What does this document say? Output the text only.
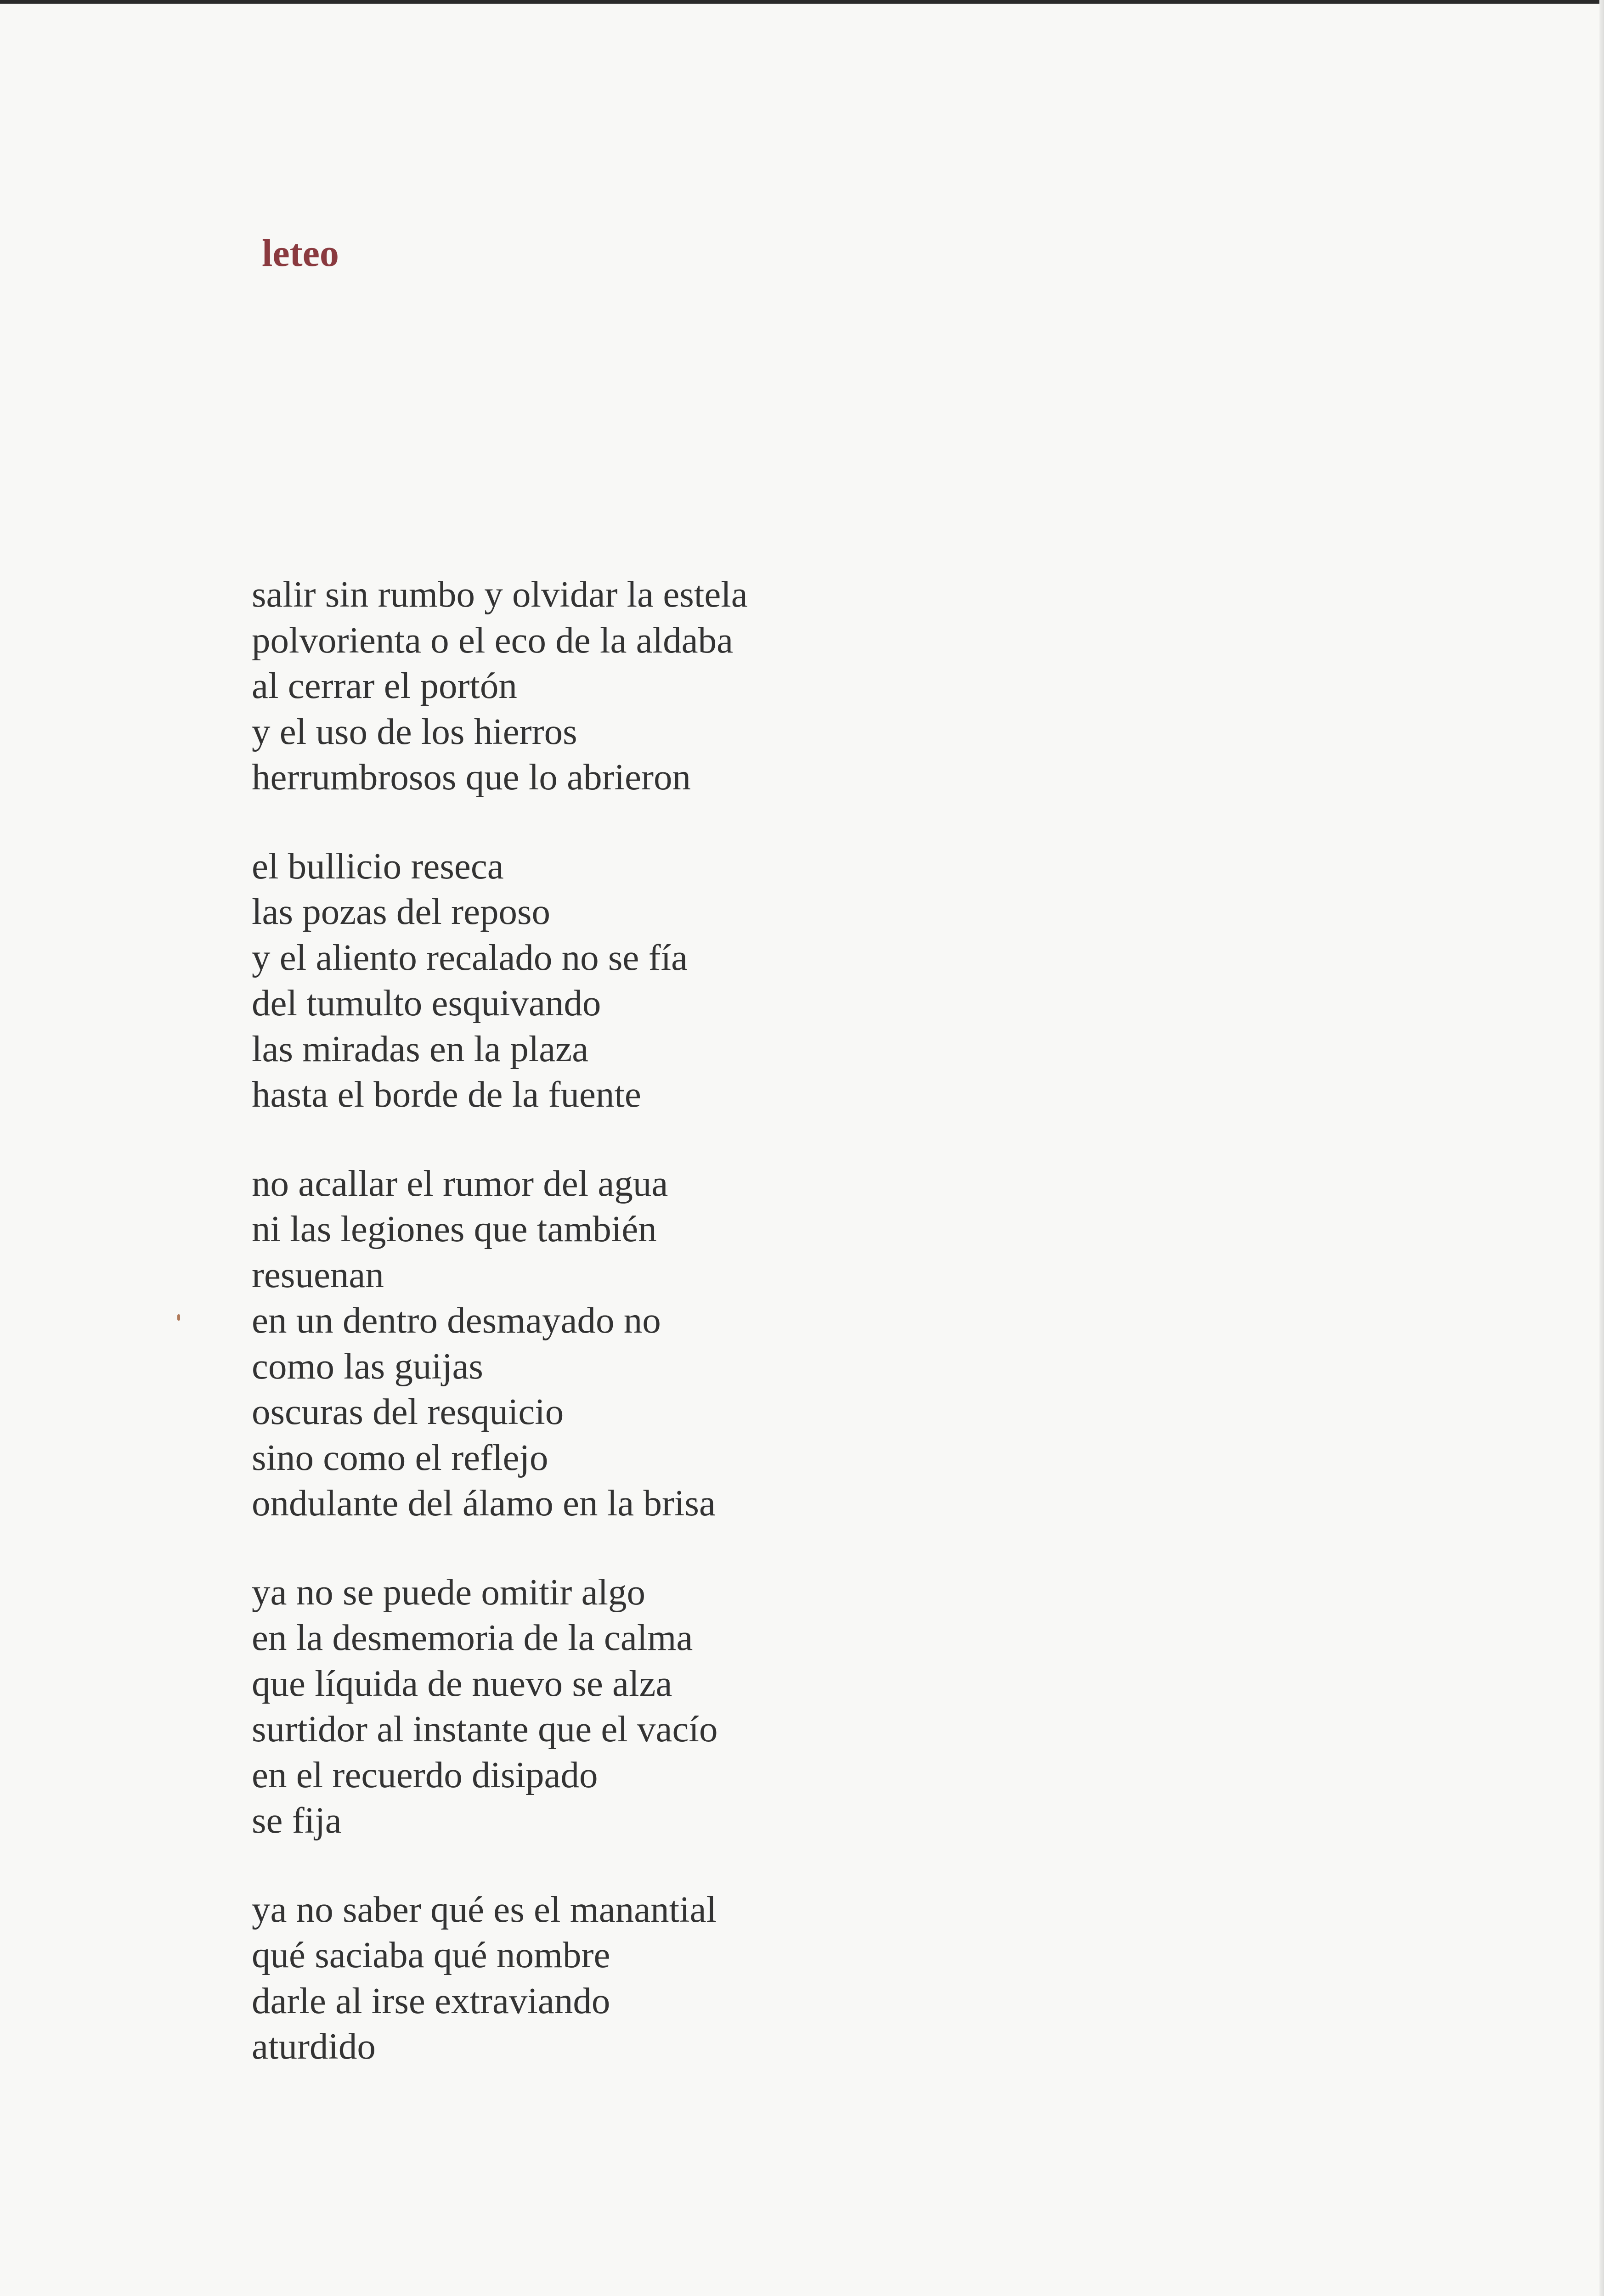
leteo
salir sin rumbo y olvidar la estela
polvorienta o el eco de la aldaba
al cerrar el portón
y el uso de los hierros
herrumbrosos que lo abrieron
el bullicio reseca
las pozas del reposo
y el aliento recalado no se fía
del tumulto esquivando
las miradas en la plaza
hasta el borde de la fuente
no acallar el rumor del agua
ni las legiones que también
resuenan
en un dentro desmayado no
como las guijas
oscuras del resquicio
sino como el reflejo
ondulante del álamo en la brisa
ya no se puede omitir algo
en la desmemoria de la calma
que líquida de nuevo se alza
surtidor al instante que el vacío
en el recuerdo disipado
se fija
ya no saber qué es el manantial
qué saciaba qué nombre
darle al irse extraviando
aturdido
